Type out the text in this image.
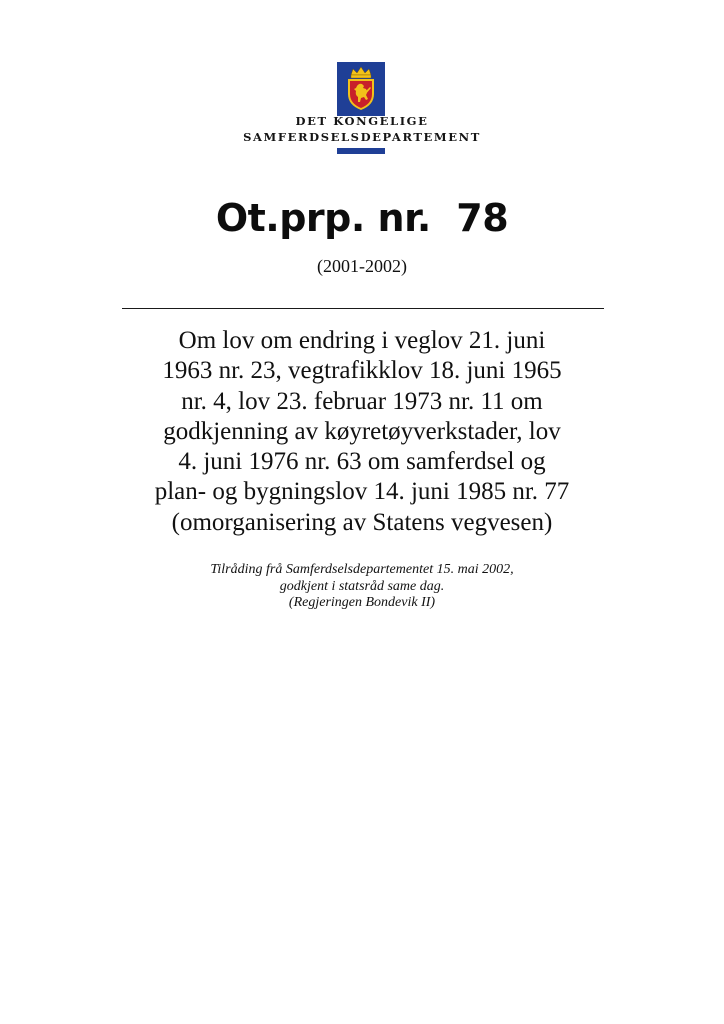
DET KONGELIGE
SAMFERDSELSDEPARTEMENT
Ot.prp. nr.  78
(2001-2002)
Om lov om endring i veglov 21. juni
1963 nr. 23, vegtrafikklov 18. juni 1965
nr. 4, lov 23. februar 1973 nr. 11 om
godkjenning av køyretøyverkstader, lov
4. juni 1976 nr. 63 om samferdsel og
plan- og bygningslov 14. juni 1985 nr. 77
(omorganisering av Statens vegvesen)
Tilråding frå Samferdselsdepartementet 15. mai 2002,
godkjent i statsråd same dag.
(Regjeringen Bondevik II)
